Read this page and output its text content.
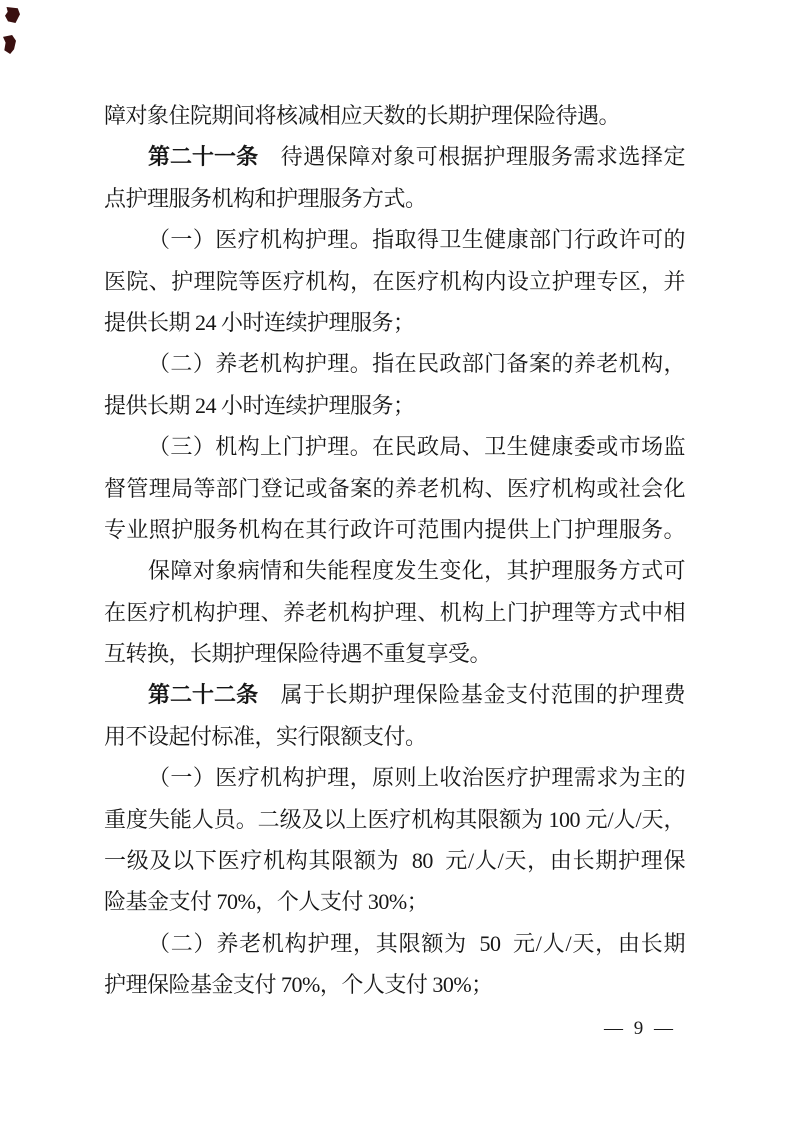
障对象住院期间将核减相应天数的长期护理保险待遇。
第二十一条　待遇保障对象可根据护理服务需求选择定
点护理服务机构和护理服务方式。
（一）医疗机构护理。指取得卫生健康部门行政许可的
医院、护理院等医疗机构，在医疗机构内设立护理专区，并
提供长期 24 小时连续护理服务；
（二）养老机构护理。指在民政部门备案的养老机构，
提供长期 24 小时连续护理服务；
（三）机构上门护理。在民政局、卫生健康委或市场监
督管理局等部门登记或备案的养老机构、医疗机构或社会化
专业照护服务机构在其行政许可范围内提供上门护理服务。
保障对象病情和失能程度发生变化，其护理服务方式可
在医疗机构护理、养老机构护理、机构上门护理等方式中相
互转换，长期护理保险待遇不重复享受。
第二十二条　属于长期护理保险基金支付范围的护理费
用不设起付标准，实行限额支付。
（一）医疗机构护理，原则上收治医疗护理需求为主的
重度失能人员。二级及以上医疗机构其限额为 100 元/人/天，
一级及以下医疗机构其限额为  80  元/人/天，由长期护理保
险基金支付 70%，个人支付 30%；
（二）养老机构护理，其限额为  50  元/人/天，由长期
护理保险基金支付 70%，个人支付 30%；
— 9 —
